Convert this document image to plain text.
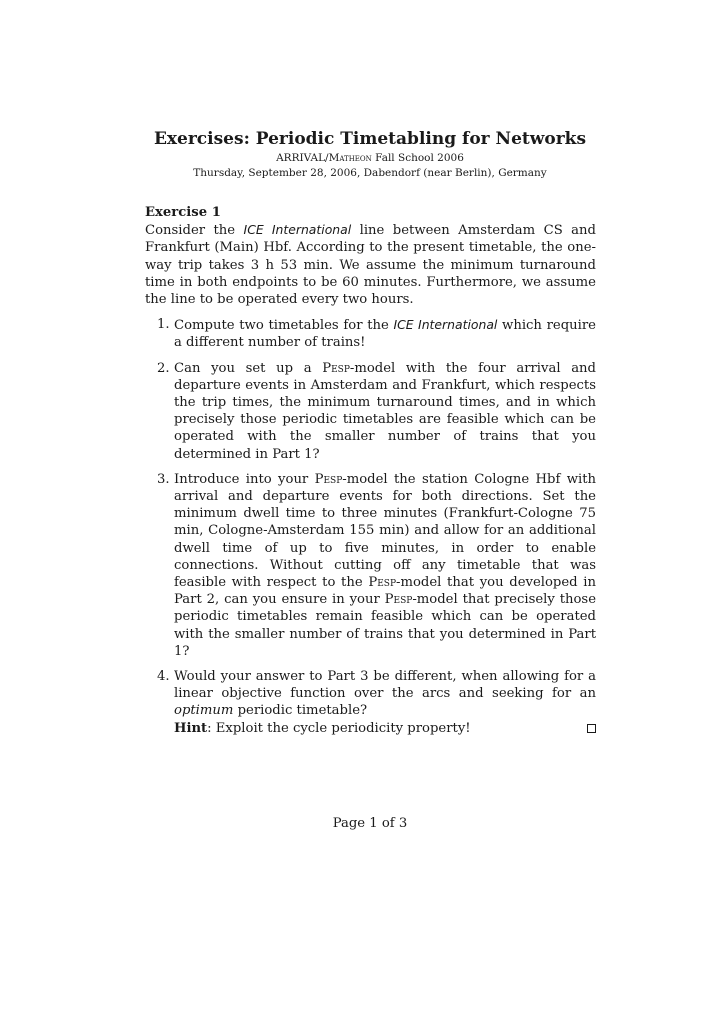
Exercises: Periodic Timetabling for Networks
ARRIVAL/Matheon Fall School 2006
Thursday, September 28, 2006, Dabendorf (near Berlin), Germany

Exercise 1

Consider the ICE International line between Amsterdam CS and Frankfurt (Main) Hbf. According to the present timetable, the one-way trip takes 3 h 53 min. We assume the minimum turnaround time in both endpoints to be 60 minutes. Furthermore, we assume the line to be operated every two hours.

1. Compute two timetables for the ICE International which require a different number of trains!
2. Can you set up a Pesp-model with the four arrival and departure events in Amsterdam and Frankfurt, which respects the trip times, the minimum turnaround times, and in which precisely those periodic timetables are feasible which can be operated with the smaller number of trains that you determined in Part 1?
3. Introduce into your Pesp-model the station Cologne Hbf with arrival and departure events for both directions. Set the minimum dwell time to three minutes (Frankfurt-Cologne 75 min, Cologne-Amsterdam 155 min) and allow for an additional dwell time of up to five minutes, in order to enable connections. Without cutting off any timetable that was feasible with respect to the Pesp-model that you developed in Part 2, can you ensure in your Pesp-model that precisely those periodic timetables remain feasible which can be operated with the smaller number of trains that you determined in Part 1?
4. Would your answer to Part 3 be different, when allowing for a linear objective function over the arcs and seeking for an optimum periodic timetable?
Hint: Exploit the cycle periodicity property!
Page 1 of 3
